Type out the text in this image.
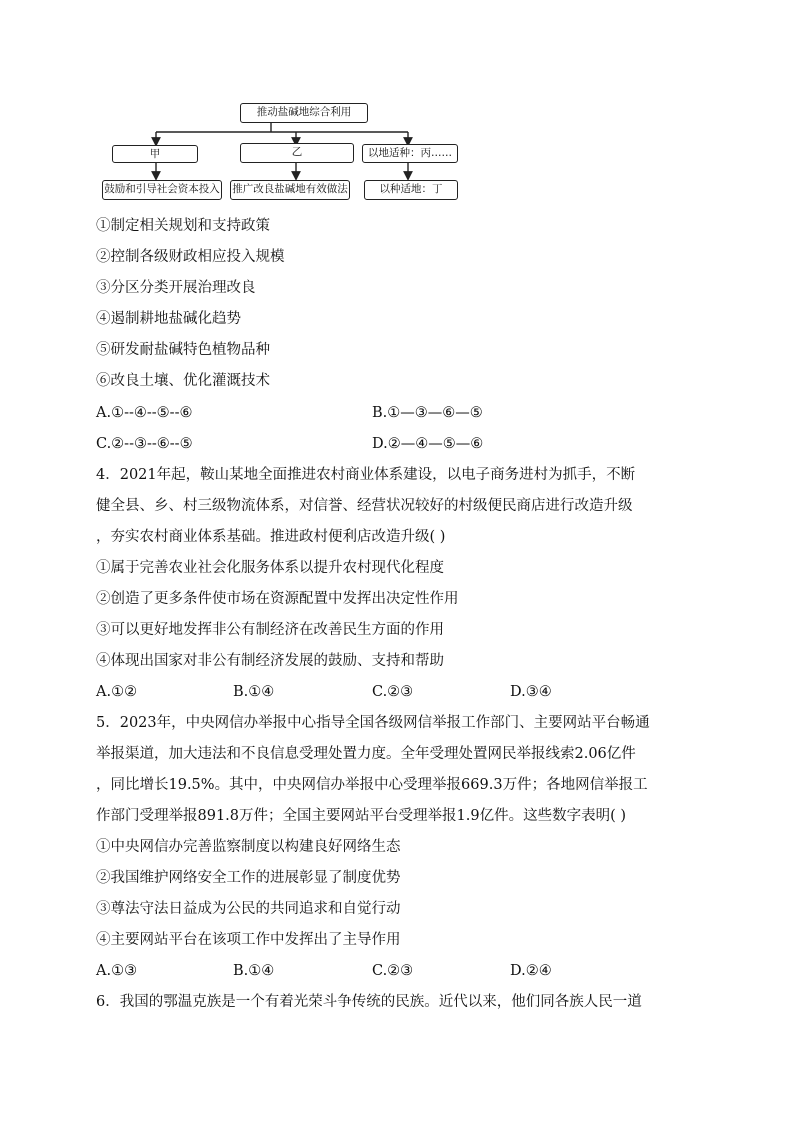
推动盐碱地综合利用
甲	乙	以地适种：丙……
鼓励和引导社会资本投入 推广改良盐碱地有效做法	以种适地：丁
①制定相关规划和支持政策
②控制各级财政相应投入规模
③分区分类开展治理改良
④遏制耕地盐碱化趋势
⑤研发耐盐碱特色植物品种
⑥改良土壤、优化灌溉技术
A.①--④--⑤--⑥	B.①—③—⑥—⑤
C.②--③--⑥--⑤	D.②—④—⑤—⑥
4．2021年起，鞍山某地全面推进农村商业体系建设，以电子商务进村为抓手，不断
健全县、乡、村三级物流体系，对信誉、经营状况较好的村级便民商店进行改造升级
，夯实农村商业体系基础。推进政村便利店改造升级( )
①属于完善农业社会化服务体系以提升农村现代化程度
②创造了更多条件使市场在资源配置中发挥出决定性作用
③可以更好地发挥非公有制经济在改善民生方面的作用
④体现出国家对非公有制经济发展的鼓励、支持和帮助
A.①②	B.①④	C.②③	D.③④
5．2023年，中央网信办举报中心指导全国各级网信举报工作部门、主要网站平台畅通
举报渠道，加大违法和不良信息受理处置力度。全年受理处置网民举报线索2.06亿件
，同比增长19.5%。其中，中央网信办举报中心受理举报669.3万件；各地网信举报工
作部门受理举报891.8万件；全国主要网站平台受理举报1.9亿件。这些数字表明( )
①中央网信办完善监察制度以构建良好网络生态
②我国维护网络安全工作的进展彰显了制度优势
③尊法守法日益成为公民的共同追求和自觉行动
④主要网站平台在该项工作中发挥出了主导作用
A.①③	B.①④	C.②③	D.②④
6．我国的鄂温克族是一个有着光荣斗争传统的民族。近代以来，他们同各族人民一道
